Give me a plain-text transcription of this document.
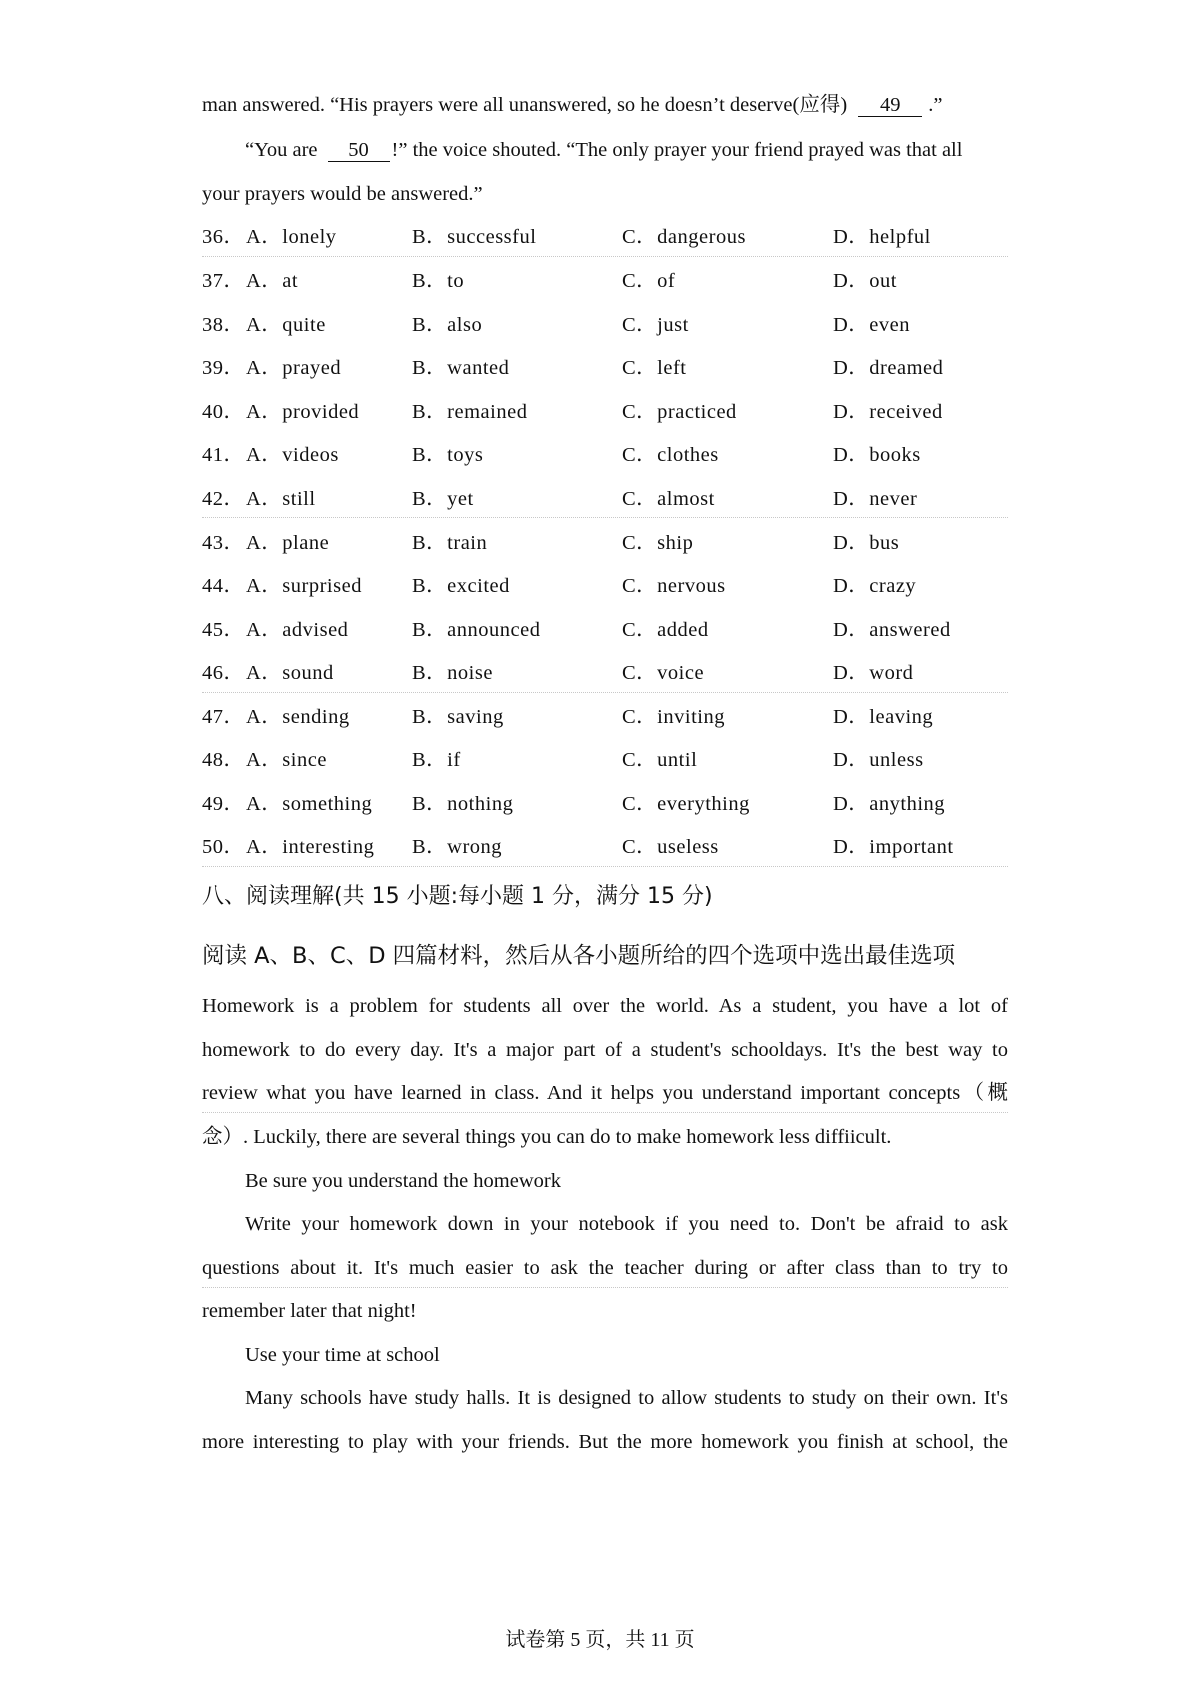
man answered. “His prayers were all unanswered, so he doesn’t deserve(应得) 49 .”
“You are 50 !” the voice shouted. “The only prayer your friend prayed was that all
your prayers would be answered.”
36． A．lonely	B．successful	C．dangerous	D．helpful
37． A．at	B．to	C．of	D．out
38． A．quite	B．also	C．just	D．even
39． A．prayed	B．wanted	C．left	D．dreamed
40． A．provided	B．remained	C．practiced	D．received
41． A．videos	B．toys	C．clothes	D．books
42． A．still	B．yet	C．almost	D．never
43． A．plane	B．train	C．ship	D．bus
44． A．surprised B．excited	C．nervous	D．crazy
45． A．advised	B．announced	C．added	D．answered
46． A．sound	B．noise	C．voice	D．word
47． A．sending	B．saving	C．inviting	D．leaving
48． A．since	B．if	C．until	D．unless
49． A．something B．nothing	C．everything	D．anything
50． A．interesting B．wrong	C．useless	D．important
八、阅读理解(共 15 小题:每小题 1 分，满分 15 分)
阅读 A、B、C、D 四篇材料，然后从各小题所给的四个选项中选出最佳选项
Homework is a problem for students all over the world. As a student, you have a lot of
homework to do every day. It's a major part of a student's schooldays. It's the best way to
review what you have learned in class. And it helps you understand important concepts（概
念）. Luckily, there are several things you can do to make homework less diffiicult.
Be sure you understand the homework
Write your homework down in your notebook if you need to. Don't be afraid to ask
questions about it. It's much easier to ask the teacher during or after class than to try to
remember later that night!
Use your time at school
Many schools have study halls. It is designed to allow students to study on their own. It's
more interesting to play with your friends. But the more homework you finish at school, the
试卷第 5 页，共 11 页
